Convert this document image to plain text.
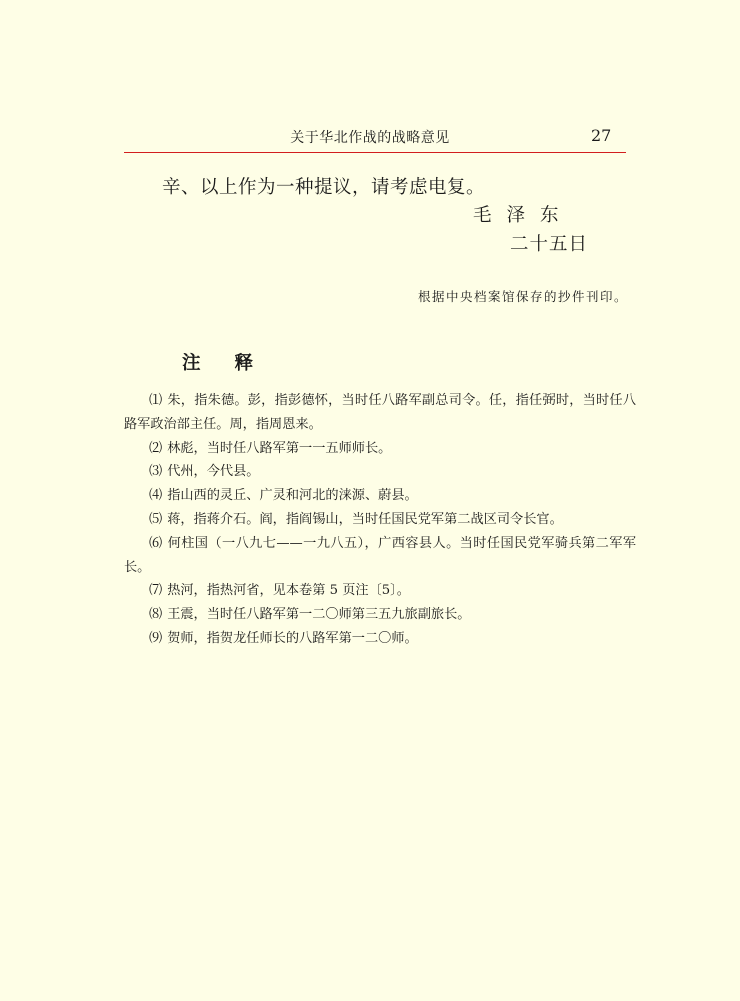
关于华北作战的战略意见	27
辛、以上作为一种提议，请考虑电复。
毛泽东
二十五日
根据中央档案馆保存的抄件刊印。
注释

⑴ 朱，指朱德。彭，指彭德怀，当时任八路军副总司令。任，指任弼时，当时任八路军政治部主任。周，指周恩来。

⑵ 林彪，当时任八路军第一一五师师长。

⑶ 代州，今代县。

⑷ 指山西的灵丘、广灵和河北的涞源、蔚县。

⑸ 蒋，指蒋介石。阎，指阎锡山，当时任国民党军第二战区司令长官。

⑹ 何柱国（一八九七——一九八五），广西容县人。当时任国民党军骑兵第二军军长。

⑺ 热河，指热河省，见本卷第 5 页注〔5〕。

⑻ 王震，当时任八路军第一二〇师第三五九旅副旅长。

⑼ 贺师，指贺龙任师长的八路军第一二〇师。
